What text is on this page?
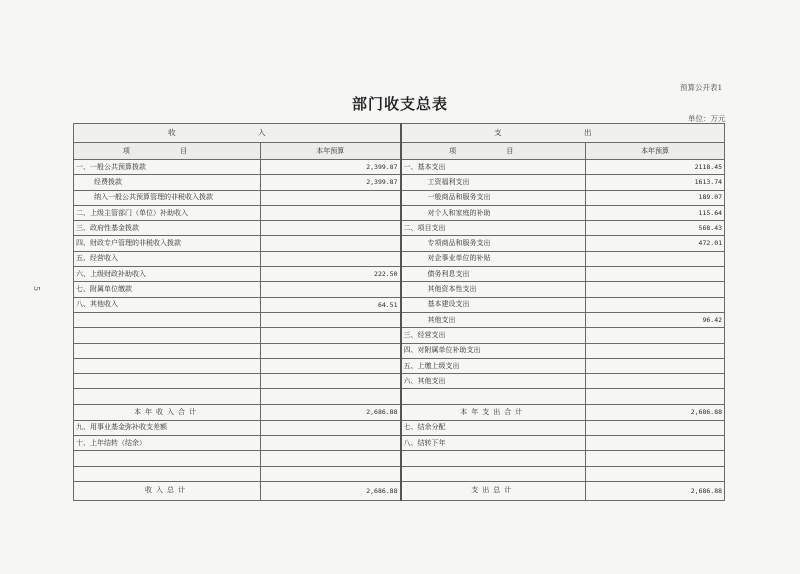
5
预算公开表1
部门收支总表
单位：万元
收 入		支 出	
项 目	本年预算	项 目	本年预算
一、一般公共预算拨款	2,399.87	一、基本支出	2118.45
经费拨款	2,399.87	工资福利支出	1613.74
纳入一般公共预算管理的非税收入拨款		一般商品和服务支出	189.07
二、上级主管部门（单位）补助收入		对个人和家庭的补助	115.64
三、政府性基金拨款		二、项目支出	568.43
四、财政专户管理的非税收入拨款		专项商品和服务支出	472.01
五、经营收入		对企事业单位的补贴	
六、上级财政补助收入	222.50	债务利息支出	
七、附属单位缴款		其他资本性支出	
八、其他收入	64.51	基本建设支出	
		其他支出	96.42
		三、经营支出	
		四、对附属单位补助支出	
		五、上缴上级支出	
		六、其他支出	

本年收入合计	2,686.88	本年支出合计	2,686.88
九、用事业基金弥补收支差额		七、结余分配	
十、上年结转（结余）		八、结转下年	

收入总计	2,686.88	支出总计	2,686.88
